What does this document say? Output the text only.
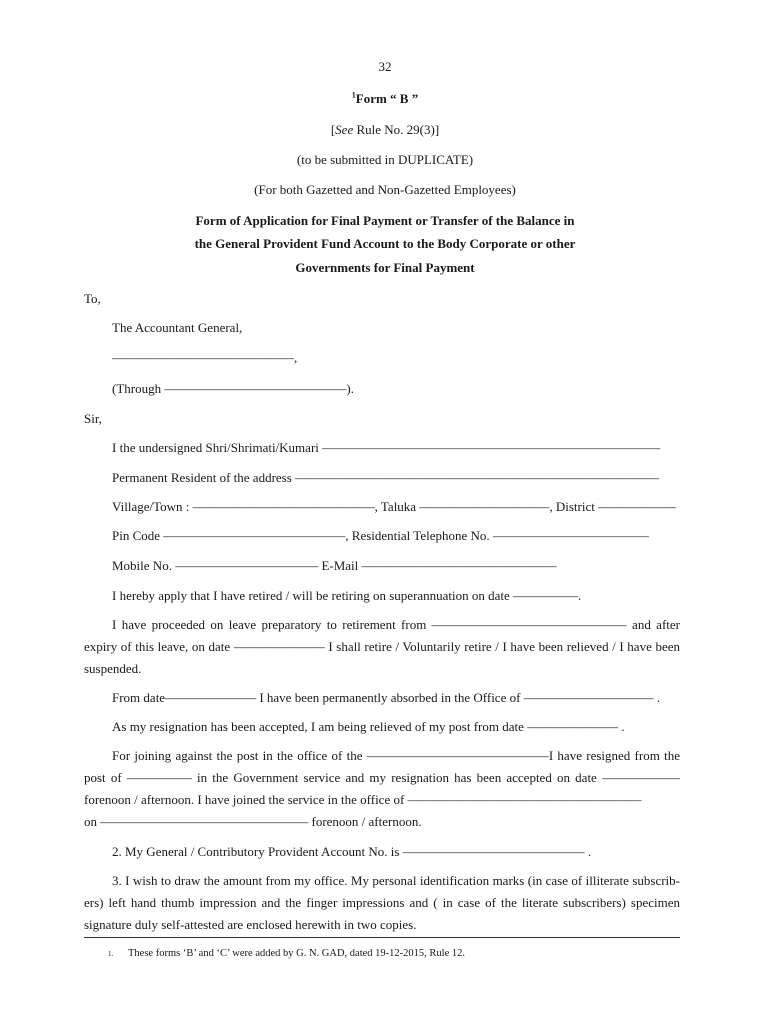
32
$^1$Form “ B ”
[See Rule No. 29(3)]
(to be submitted in DUPLICATE)
(For both Gazetted and Non-Gazetted Employees)
Form of Application for Final Payment or Transfer of the Balance in
the General Provident Fund Account to the Body Corporate or other
Governments for Final Payment
To,
The Accountant General,
——————————————,
(Through ——————————————).
Sir,
I the undersigned Shri/Shrimati/Kumari ——————————————————————————
Permanent Resident of the address ————————————————————————————
Village/Town : ——————————————, Taluka ——————————, District ——————
Pin Code ——————————————, Residential Telephone No. ————————————
Mobile No. ——————————— E-Mail ———————————————
I hereby apply that I have retired / will be retiring on superannuation on date —————.
I have proceeded on leave preparatory to retirement from ——————————————— and after
expiry of this leave, on date ——————— I shall retire / Voluntarily retire / I have been relieved / I have been
suspended.
From date——————— I have been permanently absorbed in the Office of —————————— .
As my resignation has been accepted, I am being relieved of my post from date ——————— .
For joining against the post in the office of the ——————————————I have resigned from the
post of ————— in the Government service and my resignation has been accepted on date ——————
forenoon / afternoon. I have joined the service in the office of ——————————————————
on ———————————————— forenoon / afternoon.
2. My General / Contributory Provident Account No. is —————————————— .
3. I wish to draw the amount from my office. My personal identification marks (in case of illiterate subscrib-
ers) left hand thumb impression and the finger impressions and ( in case of the literate subscribers) specimen
signature duly self-attested are enclosed herewith in two copies.
1. These forms ‘B’ and ‘C’ were added by G. N. GAD, dated 19-12-2015, Rule 12.
